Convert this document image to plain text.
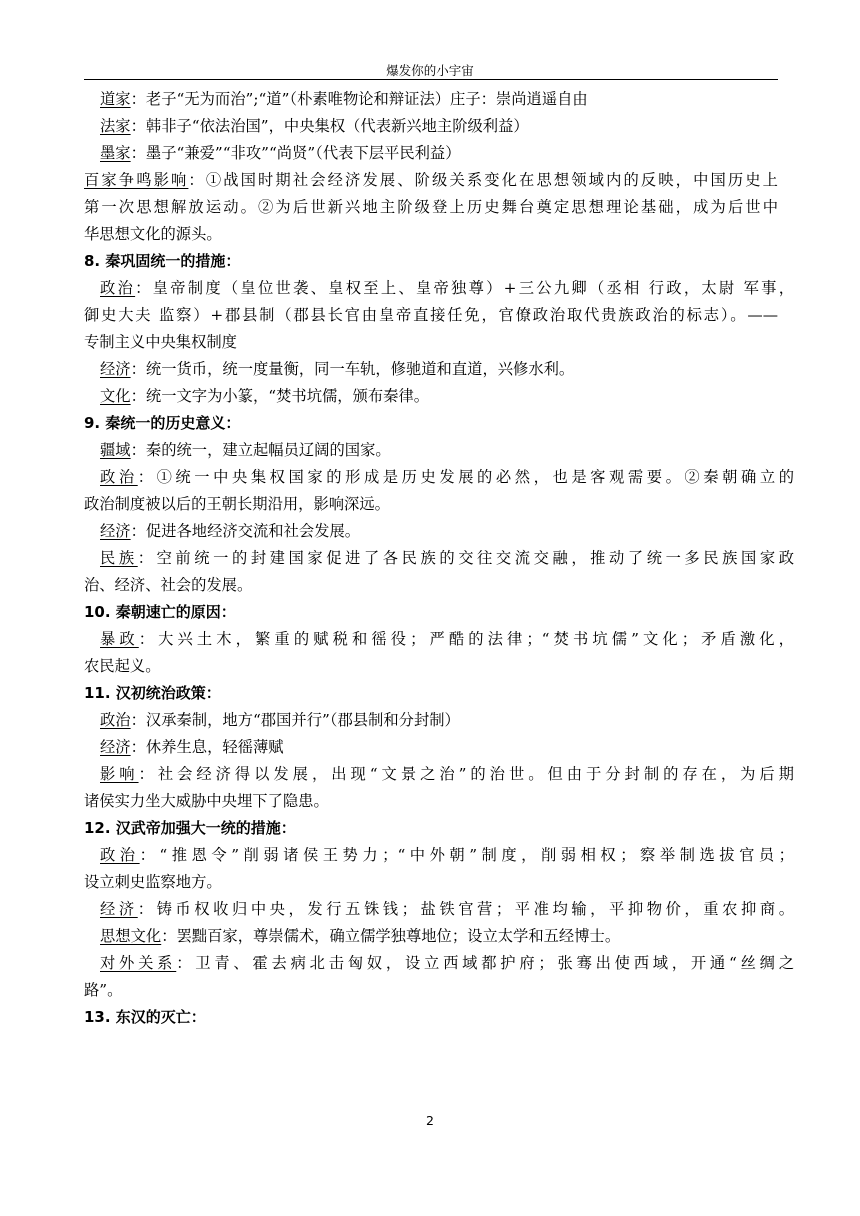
爆发你的小宇宙
道家：老子“无为而治”;“道”（朴素唯物论和辩证法）庄子：崇尚逍遥自由
法家：韩非子“依法治国”，中央集权（代表新兴地主阶级利益）
墨家：墨子“兼爱”“非攻”“尚贤”（代表下层平民利益）
百家争鸣影响：①战国时期社会经济发展、阶级关系变化在思想领域内的反映，中国历史上
第一次思想解放运动。②为后世新兴地主阶级登上历史舞台奠定思想理论基础，成为后世中
华思想文化的源头。
8. 秦巩固统一的措施：
政治：皇帝制度（皇位世袭、皇权至上、皇帝独尊）+三公九卿（丞相 行政，太尉 军事，
御史大夫 监察）+郡县制（郡县长官由皇帝直接任免，官僚政治取代贵族政治的标志）。——
专制主义中央集权制度
经济：统一货币，统一度量衡，同一车轨，修驰道和直道，兴修水利。
文化：统一文字为小篆，“焚书坑儒，颁布秦律。
9. 秦统一的历史意义：
疆域：秦的统一，建立起幅员辽阔的国家。
政治：①统一中央集权国家的形成是历史发展的必然，也是客观需要。②秦朝确立的
政治制度被以后的王朝长期沿用，影响深远。
经济：促进各地经济交流和社会发展。
民族：空前统一的封建国家促进了各民族的交往交流交融，推动了统一多民族国家政
治、经济、社会的发展。
10. 秦朝速亡的原因：
暴政：大兴土木，繁重的赋税和徭役；严酷的法律；“焚书坑儒”文化；矛盾激化，
农民起义。
11. 汉初统治政策：
政治：汉承秦制，地方“郡国并行”（郡县制和分封制）
经济：休养生息，轻徭薄赋
影响：社会经济得以发展，出现“文景之治”的治世。但由于分封制的存在，为后期
诸侯实力坐大威胁中央埋下了隐患。
12. 汉武帝加强大一统的措施：
政治：“推恩令”削弱诸侯王势力；“中外朝”制度，削弱相权；察举制选拔官员；
设立刺史监察地方。
经济：铸币权收归中央，发行五铢钱；盐铁官营；平准均输，平抑物价，重农抑商。
思想文化：罢黜百家，尊崇儒术，确立儒学独尊地位；设立太学和五经博士。
对外关系：卫青、霍去病北击匈奴，设立西域都护府；张骞出使西域，开通“丝绸之
路”。
13. 东汉的灭亡：
2
